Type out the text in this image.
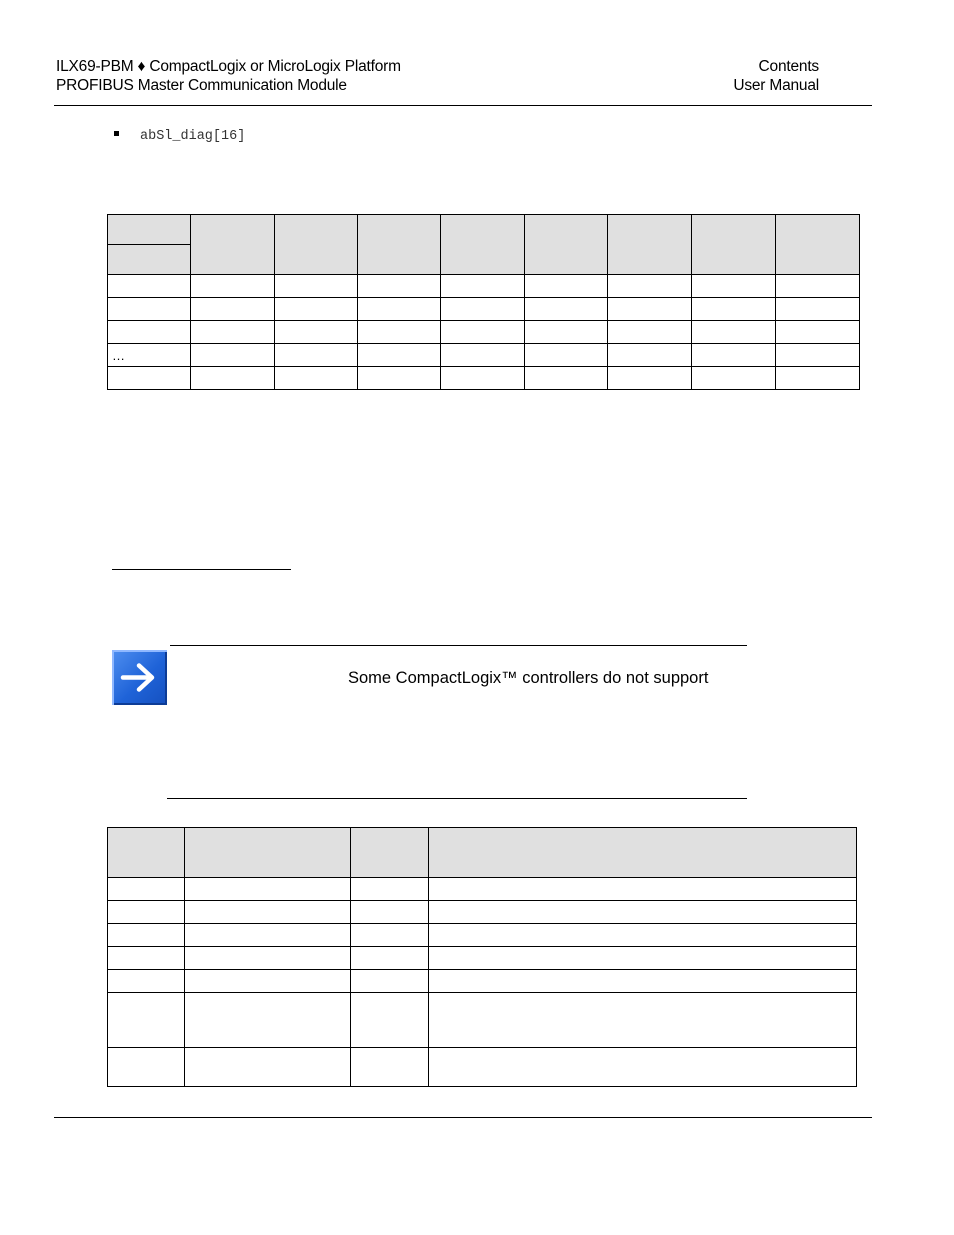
ILX69-PBM ♦ CompactLogix or MicroLogix Platform
PROFIBUS Master Communication Module
Contents
User Manual
abSl_diag[16]

…								

Some CompactLogix™ controllers do not support
